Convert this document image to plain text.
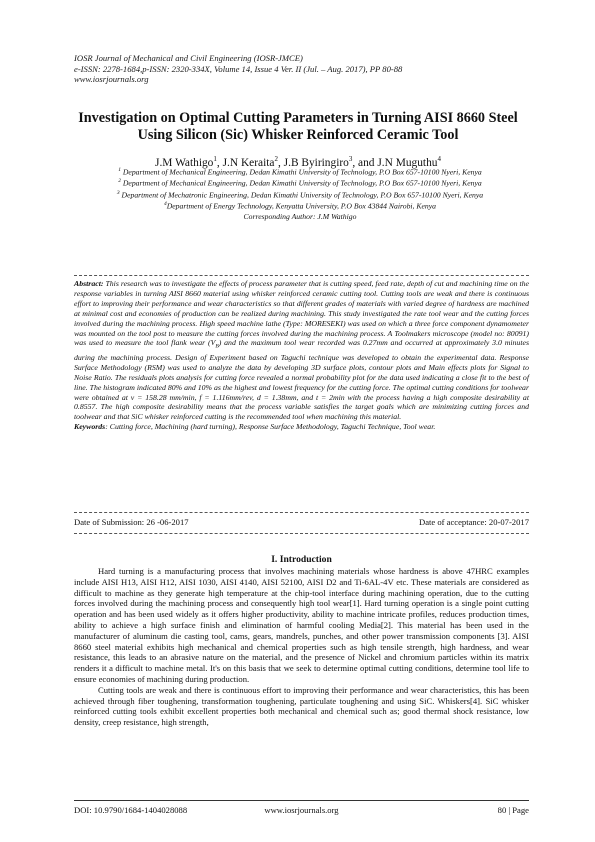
IOSR Journal of Mechanical and Civil Engineering (IOSR-JMCE)
e-ISSN: 2278-1684,p-ISSN: 2320-334X, Volume 14, Issue 4 Ver. II (Jul. – Aug. 2017), PP 80-88
www.iosrjournals.org
Investigation on Optimal Cutting Parameters in Turning AISI 8660 Steel Using Silicon (Sic) Whisker Reinforced Ceramic Tool
J.M Wathigo$^1$, J.N Keraita$^2$, J.B Byiringiro$^3$, and J.N Muguthu$^4$
$^1$ Department of Mechanical Engineering, Dedan Kimathi University of Technology, P.O Box 657-10100 Nyeri, Kenya
$^2$ Department of Mechanical Engineering, Dedan Kimathi University of Technology, P.O Box 657-10100 Nyeri, Kenya
$^3$ Department of Mechatronic Engineering, Dedan Kimathi University of Technology, P.O Box 657-10100 Nyeri, Kenya
$^4$Department of Energy Technology, Kenyatta University, P.O Box 43844 Nairobi, Kenya
Corresponding Author: J.M Wathigo
Abstract: This research was to investigate the effects of process parameter that is cutting speed, feed rate, depth of cut and machining time on the response variables in turning AISI 8660 material using whisker reinforced ceramic cutting tool. Cutting tools are weak and there is continuous effort to improving their performance and wear characteristics so that different grades of materials with varied degree of hardness are machined at minimal cost and economies of production can be realized during machining. This study investigated the rate tool wear and the cutting forces involved during the machining process. High speed machine lathe (Type: MORESEKI) was used on which a three force component dynamometer was mounted on the tool post to measure the cutting forces involved during the machining process. A Toolmakers microscope (model no: 80091) was used to measure the tool flank wear $(V_B)$ and the maximum tool wear recorded was 0.27mm and occurred at approximately 3.0 minutes during the machining process. Design of Experiment based on Taguchi technique was developed to obtain the experimental data. Response Surface Methodology (RSM) was used to analyze the data by developing 3D surface plots, contour plots and Main effects plots for Signal to Noise Ratio. The residuals plots analysis for cutting force revealed a normal probability plot for the data used indicating a close fit to the best of line. The histogram indicated 80% and 10% as the highest and lowest frequency for the cutting force. The optimal cutting conditions for toolwear were obtained at v = 158.28 mm/min, f = 1.116mm/rev, d = 1.38mm, and t = 2min with the process having a high composite desirability at 0.8557. The high composite desirability means that the process variable satisfies the target goals which are minimizing cutting forces and toolwear and that SiC whisker reinforced cutting is the recommended tool when machining this material.
Keywords: Cutting force, Machining (hard turning), Response Surface Methodology, Taguchi Technique, Tool wear.
Date of Submission: 26 -06-2017	Date of acceptance: 20-07-2017
I. Introduction

Hard turning is a manufacturing process that involves machining materials whose hardness is above 47HRC examples include AISI H13, AISI H12, AISI 1030, AISI 4140, AISI 52100, AISI D2 and Ti-6AL-4V etc. These materials are considered as difficult to machine as they generate high temperature at the chip-tool interface during machining operation, due to the cutting forces involved during the machining process and consequently high tool wear[1]. Hard turning operation is a single point cutting operation and has been used widely as it offers higher productivity, ability to machine intricate profiles, reduces production times, ability to achieve a high surface finish and elimination of harmful cooling Media[2]. This material has been used in the manufacturer of aluminum die casting tool, cams, gears, mandrels, punches, and other power transmission components [3]. AISI 8660 steel material exhibits high mechanical and chemical properties such as high tensile strength, high hardness, and wear resistance, this leads to an abrasive nature on the material, and the presence of Nickel and chromium particles within its matrix renders it a difficult to machine metal. It's on this basis that we seek to determine optimal cutting conditions, determine tool life to ensure economies of machining during production.

Cutting tools are weak and there is continuous effort to improving their performance and wear characteristics, this has been achieved through fiber toughening, transformation toughening, particulate toughening and using SiC. Whiskers[4]. SiC whisker reinforced cutting tools exhibit excellent properties both mechanical and chemical such as; good thermal shock resistance, low density, creep resistance, high strength,

DOI: 10.9790/1684-1404028088	www.iosrjournals.org	80 | Page
